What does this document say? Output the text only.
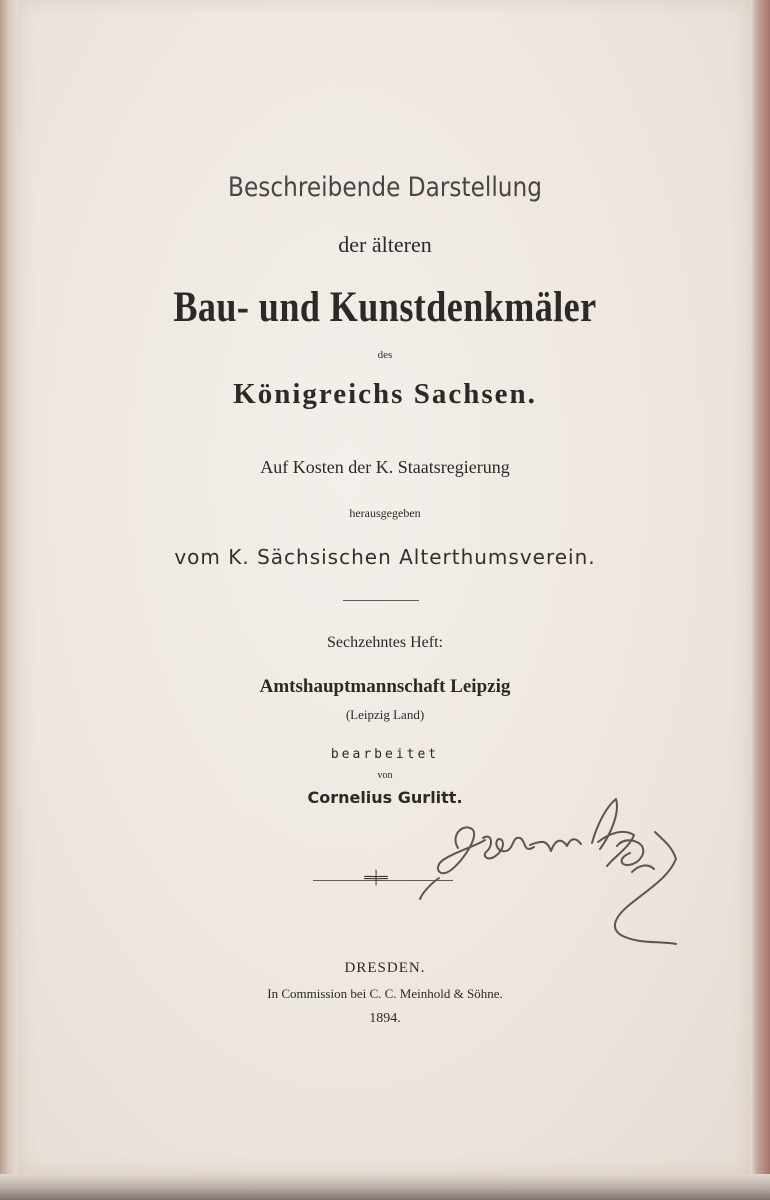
Beschreibende Darstellung

der älteren

Bau- und Kunstdenkmäler

des

Königreichs Sachsen.

Auf Kosten der K. Staatsregierung

herausgegeben

vom K. Sächsischen Alterthumsverein.

Sechzehntes Heft:

Amtshauptmannschaft Leipzig

(Leipzig Land)

bearbeitet

von

Cornelius Gurlitt.

═╪═

DRESDEN.

In Commission bei C. C. Meinhold & Söhne.

1894.
